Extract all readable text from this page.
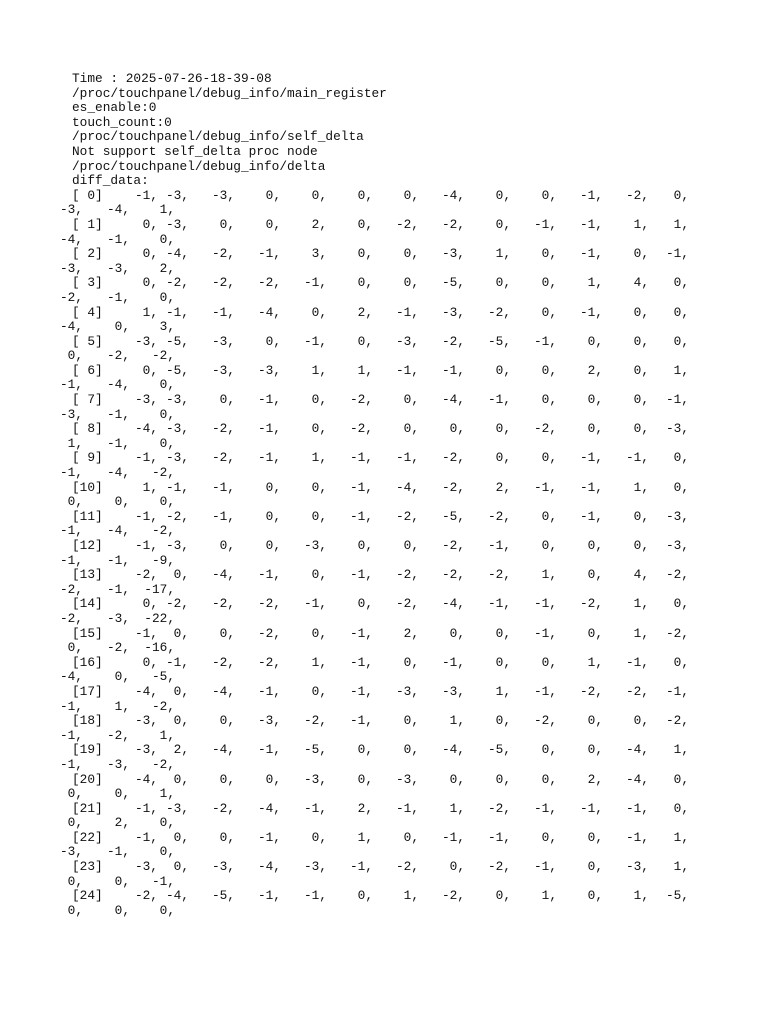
Time : 2025-07-26-18-39-08
/proc/touchpanel/debug_info/main_register
es_enable:0
touch_count:0
/proc/touchpanel/debug_info/self_delta
Not support self_delta proc node
/proc/touchpanel/debug_info/delta
diff_data:
[ 0]	-1, -3, -3, 0, 0, 0, 0, -4, 0, 0, -1, -2, 0,
-3, -4, 1,
[ 1]	0, -3, 0, 0, 2, 0, -2, -2, 0, -1, -1, 1, 1,
-4, -1, 0,
[ 2]	0, -4, -2, -1, 3, 0, 0, -3, 1, 0, -1, 0, -1,
-3, -3, 2,
[ 3]	0, -2, -2, -2, -1, 0, 0, -5, 0, 0, 1, 4, 0,
-2, -1, 0,
[ 4]	1, -1, -1, -4, 0, 2, -1, -3, -2, 0, -1, 0, 0,
-4, 0, 3,
[ 5]	-3, -5, -3, 0, -1, 0, -3, -2, -5, -1, 0, 0, 0,
0, -2, -2,
[ 6]	0, -5, -3, -3, 1, 1, -1, -1, 0, 0, 2, 0, 1,
-1, -4, 0,
[ 7]	-3, -3, 0, -1, 0, -2, 0, -4, -1, 0, 0, 0, -1,
-3, -1, 0,
[ 8]	-4, -3, -2, -1, 0, -2, 0, 0, 0, -2, 0, 0, -3,
1, -1, 0,
[ 9]	-1, -3, -2, -1, 1, -1, -1, -2, 0, 0, -1, -1, 0,
-1, -4, -2,
[10]	1, -1, -1, 0, 0, -1, -4, -2, 2, -1, -1, 1, 0,
0, 0, 0,
[11]	-1, -2, -1, 0, 0, -1, -2, -5, -2, 0, -1, 0, -3,
-1, -4, -2,
[12]	-1, -3, 0, 0, -3, 0, 0, -2, -1, 0, 0, 0, -3,
-1, -1, -9,
[13]	-2, 0, -4, -1, 0, -1, -2, -2, -2, 1, 0, 4, -2,
-2, -1, -17,
[14]	0, -2, -2, -2, -1, 0, -2, -4, -1, -1, -2, 1, 0,
-2, -3, -22,
[15]	-1, 0, 0, -2, 0, -1, 2, 0, 0, -1, 0, 1, -2,
0, -2, -16,
[16]	0, -1, -2, -2, 1, -1, 0, -1, 0, 0, 1, -1, 0,
-4, 0, -5,
[17]	-4, 0, -4, -1, 0, -1, -3, -3, 1, -1, -2, -2, -1,
-1, 1, -2,
[18]	-3, 0, 0, -3, -2, -1, 0, 1, 0, -2, 0, 0, -2,
-1, -2, 1,
[19]	-3, 2, -4, -1, -5, 0, 0, -4, -5, 0, 0, -4, 1,
-1, -3, -2,
[20]	-4, 0, 0, 0, -3, 0, -3, 0, 0, 0, 2, -4, 0,
0, 0, 1,
[21]	-1, -3, -2, -4, -1, 2, -1, 1, -2, -1, -1, -1, 0,
0, 2, 0,
[22]	-1, 0, 0, -1, 0, 1, 0, -1, -1, 0, 0, -1, 1,
-3, -1, 0,
[23]	-3, 0, -3, -4, -3, -1, -2, 0, -2, -1, 0, -3, 1,
0, 0, -1,
[24]	-2, -4, -5, -1, -1, 0, 1, -2, 0, 1, 0, 1, -5,
0, 0, 0,
